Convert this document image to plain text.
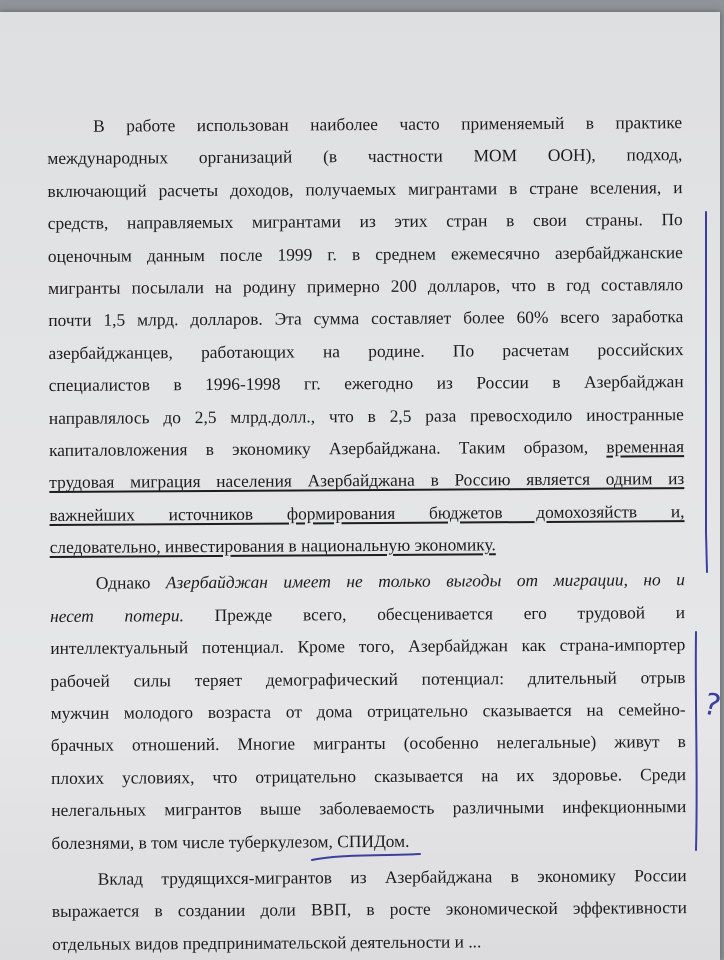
В работе использован наиболее часто применяемый в практике
международных организаций (в частности МОМ ООН), подход,
включающий расчеты доходов, получаемых мигрантами в стране вселения, и
средств, направляемых мигрантами из этих стран в свои страны. По
оценочным данным после 1999 г. в среднем ежемесячно азербайджанские
мигранты посылали на родину примерно 200 долларов, что в год составляло
почти 1,5 млрд. долларов. Эта сумма составляет более 60% всего заработка
азербайджанцев, работающих на родине. По расчетам российских
специалистов в 1996-1998 гг. ежегодно из России в Азербайджан
направлялось до 2,5 млрд.долл., что в 2,5 раза превосходило иностранные
капиталовложения в экономику Азербайджана. Таким образом, временная
трудовая миграция населения Азербайджана в Россию является одним из
важнейших источников формирования бюджетов домохозяйств и,
следовательно, инвестирования в национальную экономику.
Однако Азербайджан имеет не только выгоды от миграции, но и
несет потери. Прежде всего, обесценивается его трудовой и
интеллектуальный потенциал. Кроме того, Азербайджан как страна-импортер
рабочей силы теряет демографический потенциал: длительный отрыв
мужчин молодого возраста от дома отрицательно сказывается на семейно-
брачных отношений. Многие мигранты (особенно нелегальные) живут в
плохих условиях, что отрицательно сказывается на их здоровье. Среди
нелегальных мигрантов выше заболеваемость различными инфекционными
болезнями, в том числе туберкулезом, СПИДом.
Вклад трудящихся-мигрантов из Азербайджана в экономику России
выражается в создании доли ВВП, в росте экономической эффективности
отдельных видов предпринимательской деятельности и ...
?
